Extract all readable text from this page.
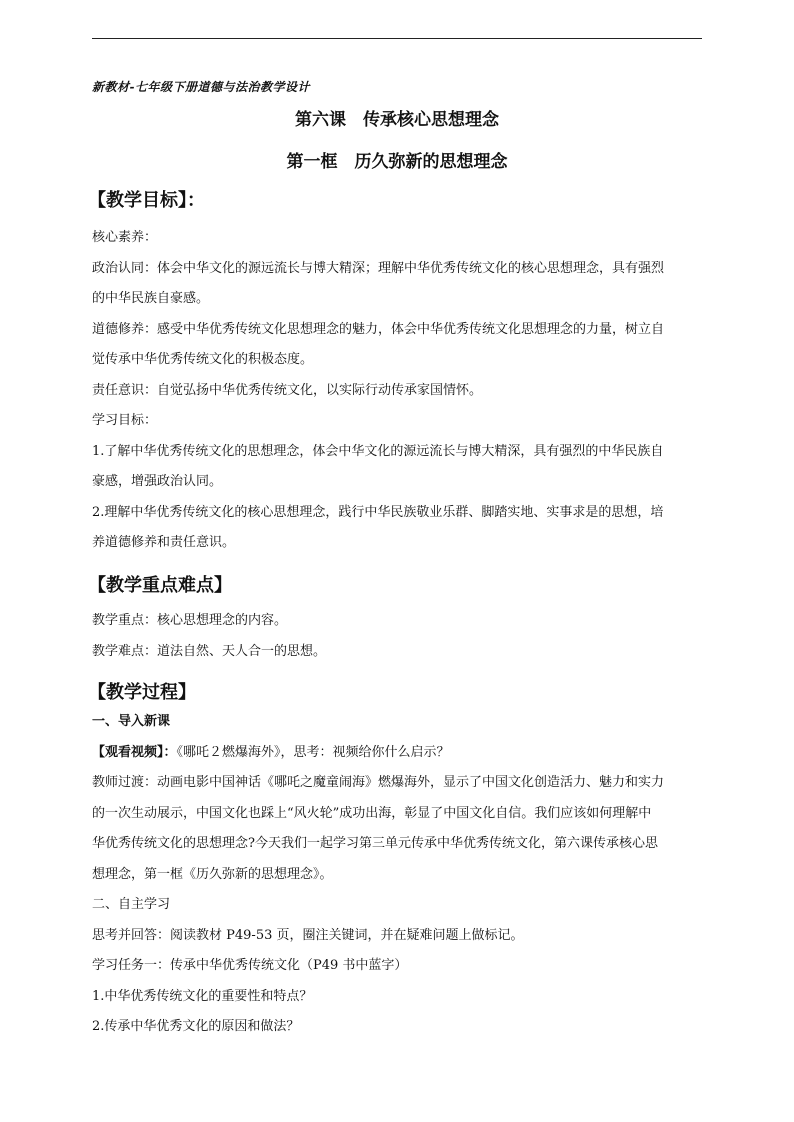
新教材-七年级下册道德与法治教学设计
第六课　传承核心思想理念
第一框　历久弥新的思想理念
【教学目标】：
核心素养：
政治认同：体会中华文化的源远流长与博大精深；理解中华优秀传统文化的核心思想理念，具有强烈
的中华民族自豪感。
道德修养：感受中华优秀传统文化思想理念的魅力，体会中华优秀传统文化思想理念的力量，树立自
觉传承中华优秀传统文化的积极态度。
责任意识：自觉弘扬中华优秀传统文化，以实际行动传承家国情怀。
学习目标：
1.了解中华优秀传统文化的思想理念，体会中华文化的源远流长与博大精深，具有强烈的中华民族自
豪感，增强政治认同。
2.理解中华优秀传统文化的核心思想理念，践行中华民族敬业乐群、脚踏实地、实事求是的思想，培
养道德修养和责任意识。
【教学重点难点】
教学重点：核心思想理念的内容。
教学难点：道法自然、天人合一的思想。
【教学过程】
一、导入新课
【观看视频】：《哪吒２燃爆海外》，思考：视频给你什么启示？
教师过渡：动画电影中国神话《哪吒之魔童闹海》燃爆海外，显示了中国文化创造活力、魅力和实力
的一次生动展示，中国文化也踩上“风火轮”成功出海，彰显了中国文化自信。我们应该如何理解中
华优秀传统文化的思想理念?今天我们一起学习第三单元传承中华优秀传统文化，第六课传承核心思
想理念，第一框《历久弥新的思想理念》。
二、自主学习
思考并回答：阅读教材 P49-53 页，圈注关键词，并在疑难问题上做标记。
学习任务一：传承中华优秀传统文化（P49 书中蓝字）
1.中华优秀传统文化的重要性和特点？
2.传承中华优秀文化的原因和做法？
